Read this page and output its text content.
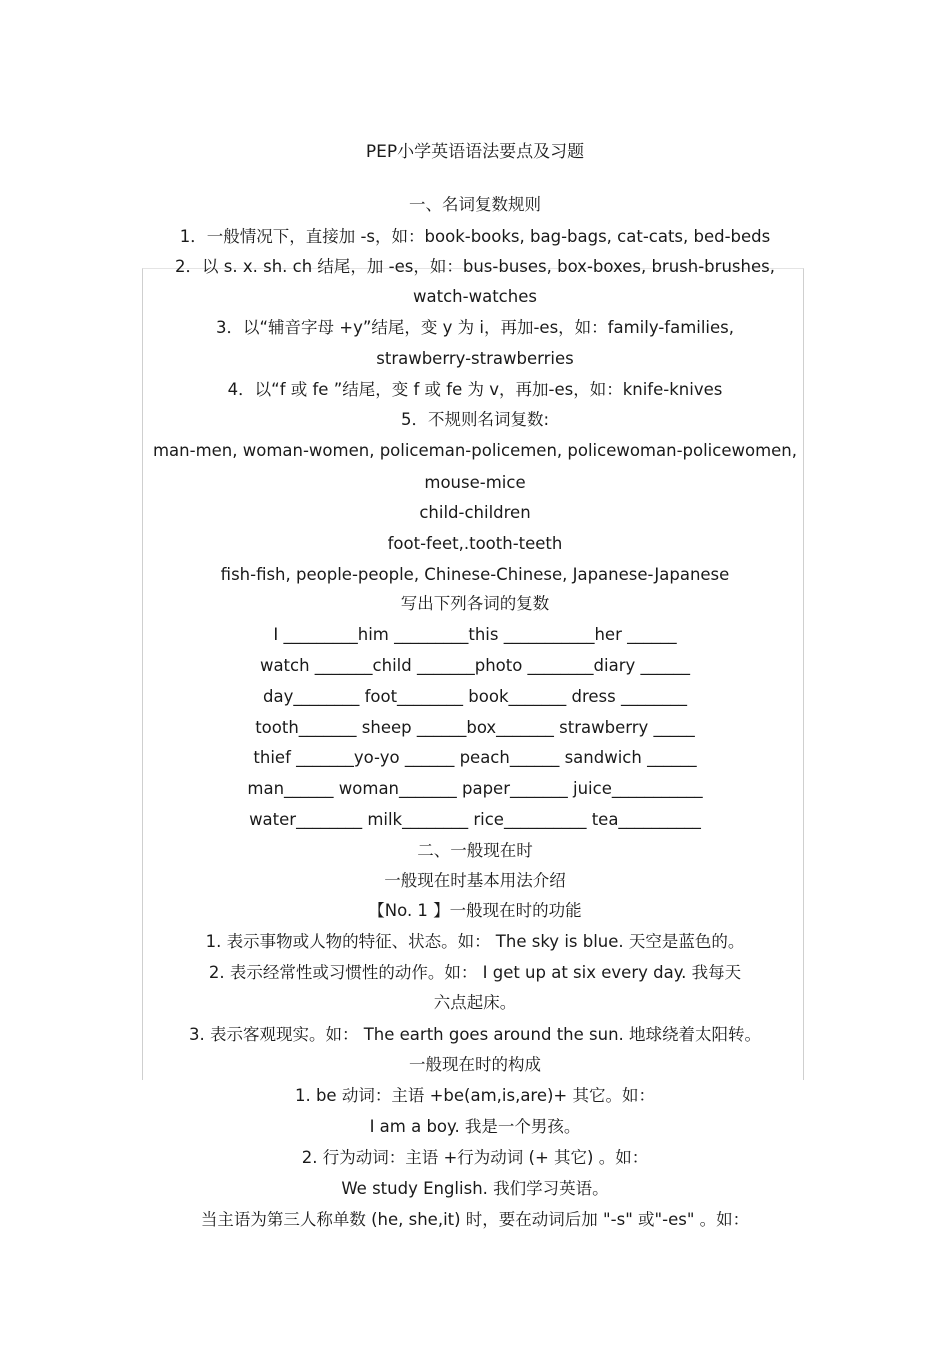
PEP小学英语语法要点及习题
一、名词复数规则
1．一般情况下，直接加 -s，如：book-books, bag-bags, cat-cats, bed-beds
2．以 s. x. sh. ch 结尾，加 -es，如：bus-buses, box-boxes, brush-brushes,
watch-watches
3．以“辅音字母 +y”结尾，变 y 为 i，再加-es，如：family-families,
strawberry-strawberries
4．以“f 或 fe ”结尾，变 f 或 fe 为 v，再加-es，如：knife-knives
5．不规则名词复数:
man-men, woman-women, policeman-policemen, policewoman-policewomen,
mouse-mice
child-children
foot-feet,.tooth-teeth
fish-fish, people-people, Chinese-Chinese, Japanese-Japanese
写出下列各词的复数
I _________him _________this ___________her ______
watch _______child _______photo ________diary ______
day________ foot________ book_______ dress ________
tooth_______ sheep ______box_______ strawberry _____
thief _______yo-yo ______ peach______ sandwich ______
man______ woman_______ paper_______ juice___________
water________ milk________ rice__________ tea__________
二、一般现在时
一般现在时基本用法介绍
【No. 1 】一般现在时的功能
1. 表示事物或人物的特征、状态。如： The sky is blue. 天空是蓝色的。
2. 表示经常性或习惯性的动作。如： I get up at six every day. 我每天
六点起床。
3. 表示客观现实。如： The earth goes around the sun. 地球绕着太阳转。
一般现在时的构成
1. be 动词：主语 +be(am,is,are)+ 其它。如：
I am a boy. 我是一个男孩。
2. 行为动词：主语 +行为动词 (+ 其它) 。如：
We study English. 我们学习英语。
当主语为第三人称单数 (he, she,it) 时，要在动词后加 "-s" 或"-es" 。如：
